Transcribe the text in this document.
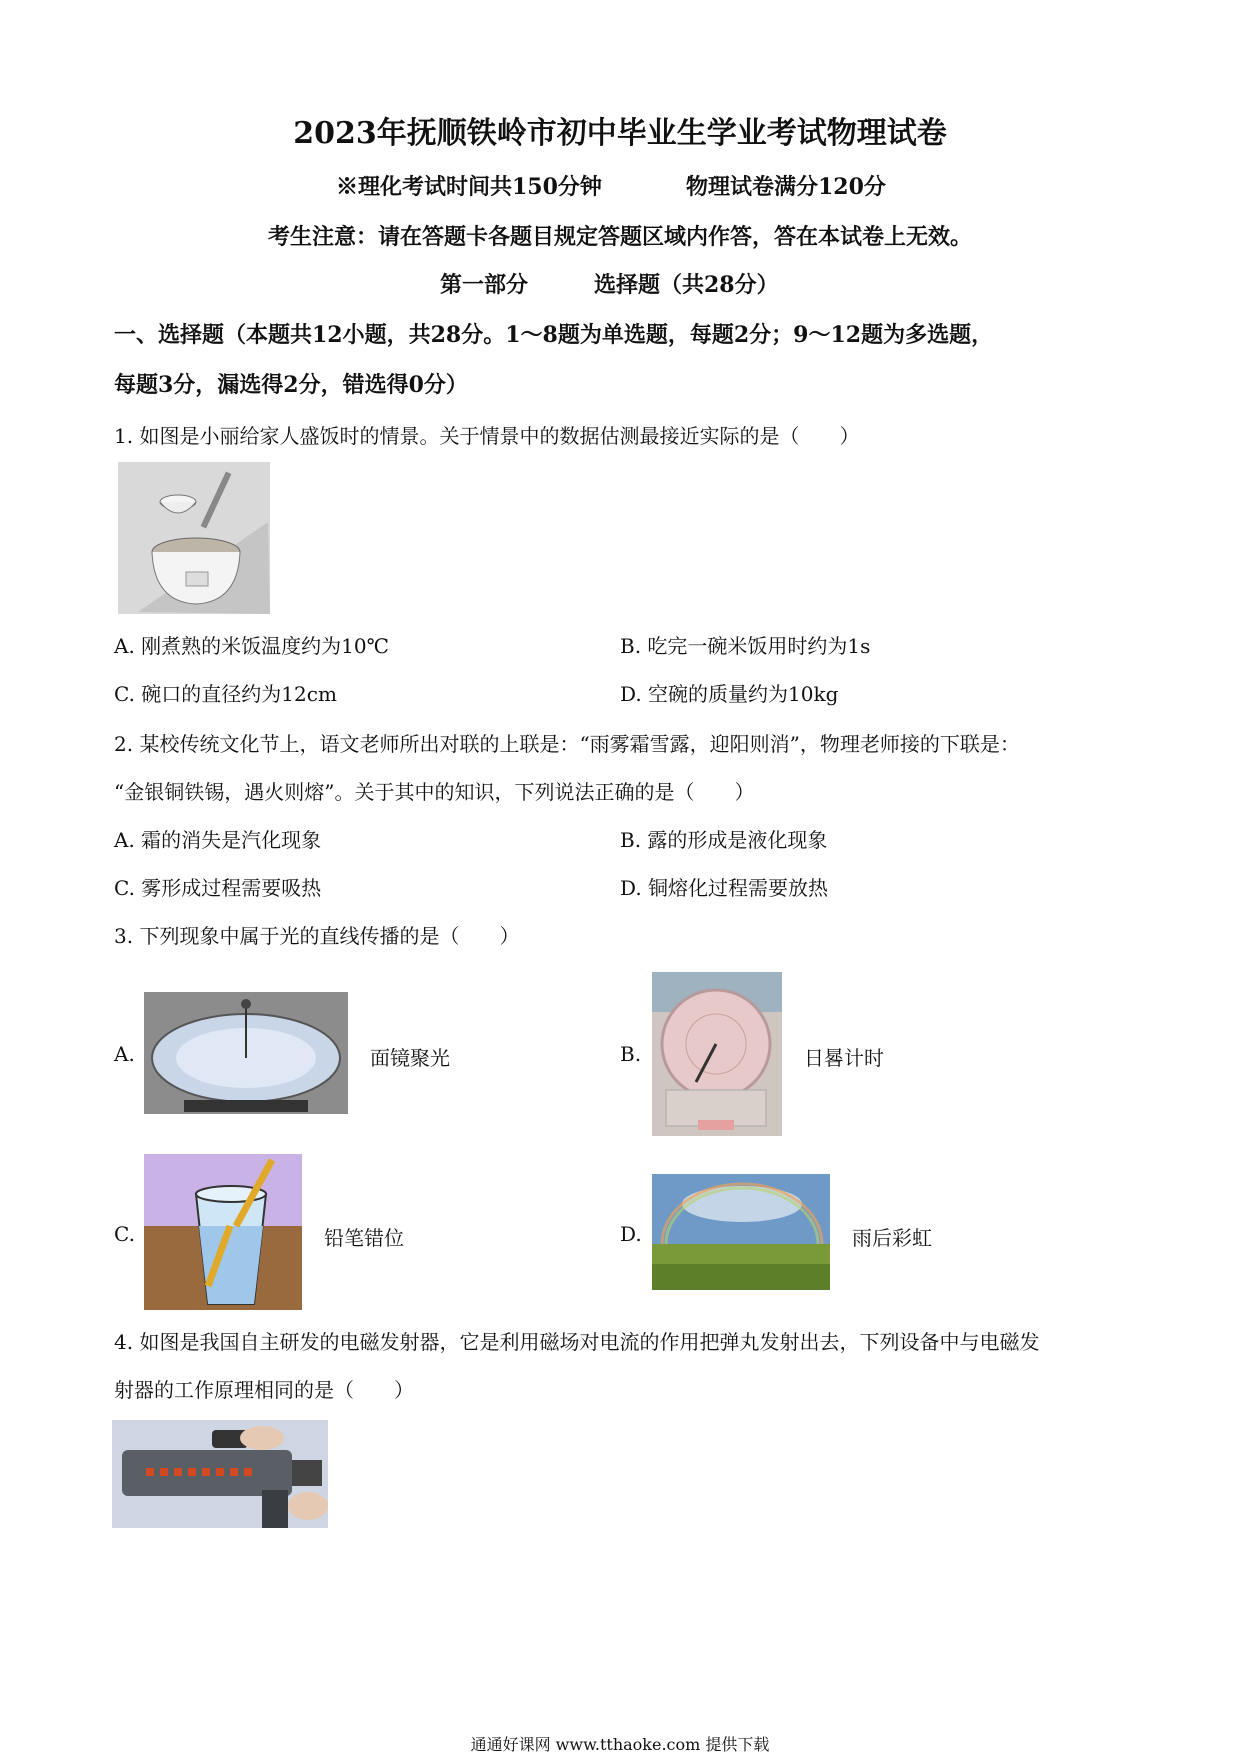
2023年抚顺铁岭市初中毕业生学业考试物理试卷
※理化考试时间共150分钟	物理试卷满分120分
考生注意：请在答题卡各题目规定答题区域内作答，答在本试卷上无效。
第一部分	选择题（共28分）
一、选择题（本题共12小题，共28分。1～8题为单选题，每题2分；9～12题为多选题，
每题3分，漏选得2分，错选得0分）
1. 如图是小丽给家人盛饭时的情景。关于情景中的数据估测最接近实际的是（　　）
A. 刚煮熟的米饭温度约为10℃	B. 吃完一碗米饭用时约为1s
C. 碗口的直径约为12cm	D. 空碗的质量约为10kg
2. 某校传统文化节上，语文老师所出对联的上联是：“雨雾霜雪露，迎阳则消”，物理老师接的下联是：
“金银铜铁锡，遇火则熔”。关于其中的知识，下列说法正确的是（　　）
A. 霜的消失是汽化现象	B. 露的形成是液化现象
C. 雾形成过程需要吸热	D. 铜熔化过程需要放热
3. 下列现象中属于光的直线传播的是（　　）
A.	面镜聚光	B.	日晷计时
C.	铅笔错位	D.	雨后彩虹
4. 如图是我国自主研发的电磁发射器，它是利用磁场对电流的作用把弹丸发射出去，下列设备中与电磁发
射器的工作原理相同的是（　　）
通通好课网 www.tthaoke.com 提供下载
